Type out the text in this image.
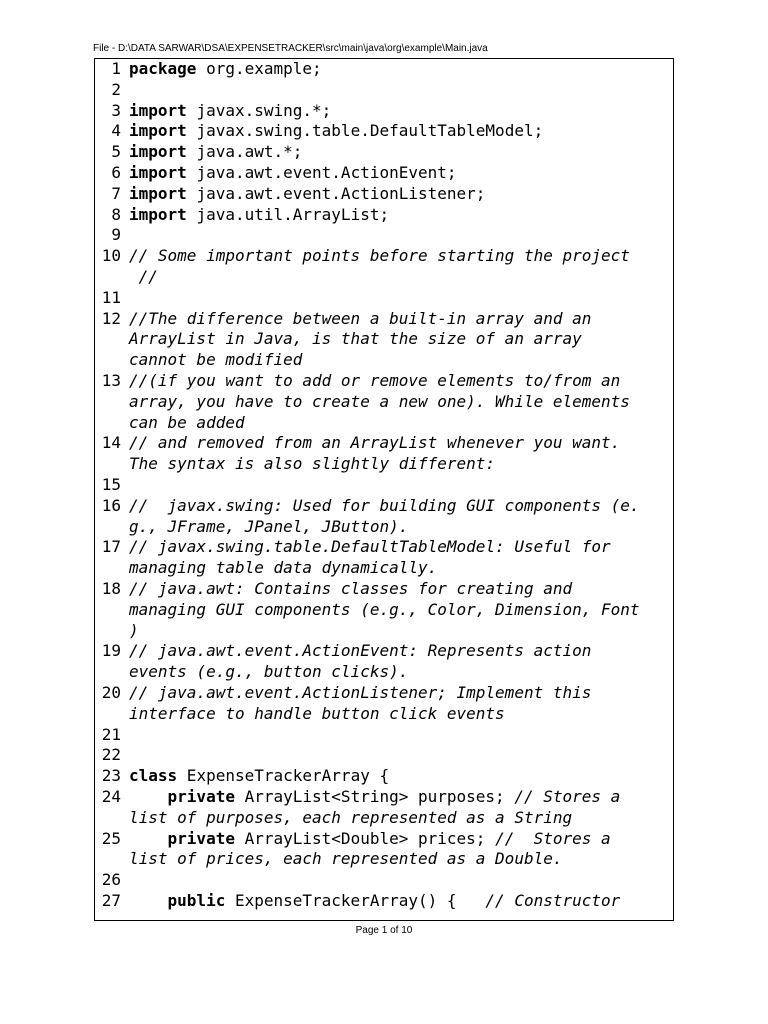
File - D:\DATA SARWAR\DSA\EXPENSETRACKER\src\main\java\org\example\Main.java
1 package org.example;
2
3 import javax.swing.*;
4 import javax.swing.table.DefaultTableModel;
5 import java.awt.*;
6 import java.awt.event.ActionEvent;
7 import java.awt.event.ActionListener;
8 import java.util.ArrayList;
9
10 // Some important points before starting the project
//
11
12 //The difference between a built-in array and an
ArrayList in Java, is that the size of an array
cannot be modified
13 //(if you want to add or remove elements to/from an
array, you have to create a new one). While elements
can be added
14 // and removed from an ArrayList whenever you want.
The syntax is also slightly different:
15
16 //  javax.swing: Used for building GUI components (e.
g., JFrame, JPanel, JButton).
17 // javax.swing.table.DefaultTableModel: Useful for
managing table data dynamically.
18 // java.awt: Contains classes for creating and
managing GUI components (e.g., Color, Dimension, Font
)
19 // java.awt.event.ActionEvent: Represents action
events (e.g., button clicks).
20 // java.awt.event.ActionListener; Implement this
interface to handle button click events
21
22
23 class ExpenseTrackerArray {
24	private ArrayList<String> purposes; // Stores a
list of purposes, each represented as a String
25	private ArrayList<Double> prices; //  Stores a
list of prices, each represented as a Double.
26
27	public ExpenseTrackerArray() {   // Constructor
Page 1 of 10
